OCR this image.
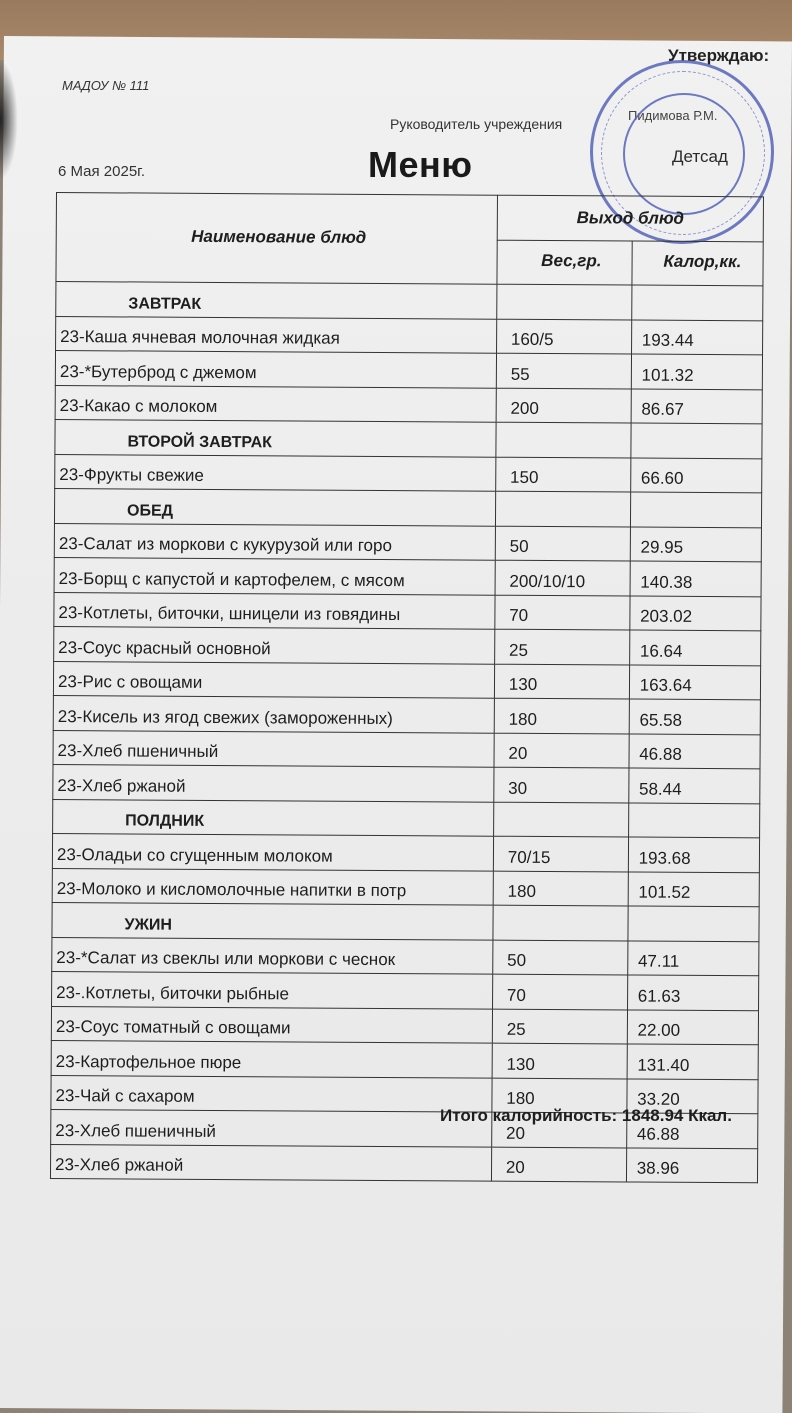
МАДОУ № 111
Утверждаю:
Руководитель учреждения
Пидимова Р.М.
Детсад
6 Мая 2025г.	Меню
Наименование блюд	Выход блюд	
	Вес,гр.	Калор,кк.
ЗАВТРАК		
23-Каша ячневая молочная жидкая	160/5	193.44
23-*Бутерброд с джемом	55	101.32
23-Какао с молоком	200	86.67
ВТОРОЙ ЗАВТРАК		
23-Фрукты свежие	150	66.60
ОБЕД		
23-Салат из моркови с кукурузой или горо	50	29.95
23-Борщ с капустой и картофелем, с мясом	200/10/10	140.38
23-Котлеты, биточки, шницели из говядины	70	203.02
23-Соус красный основной	25	16.64
23-Рис с овощами	130	163.64
23-Кисель из ягод свежих (замороженных)	180	65.58
23-Хлеб пшеничный	20	46.88
23-Хлеб ржаной	30	58.44
ПОЛДНИК		
23-Оладьи со сгущенным молоком	70/15	193.68
23-Молоко и кисломолочные напитки в потр	180	101.52
УЖИН		
23-*Салат из свеклы или моркови с чеснок	50	47.11
23-.Котлеты, биточки рыбные	70	61.63
23-Соус томатный с овощами	25	22.00
23-Картофельное пюре	130	131.40
23-Чай с сахаром	180	33.20
23-Хлеб пшеничный	20	46.88
23-Хлеб ржаной	20	38.96
Итого калорийность: 1848.94 Ккал.
